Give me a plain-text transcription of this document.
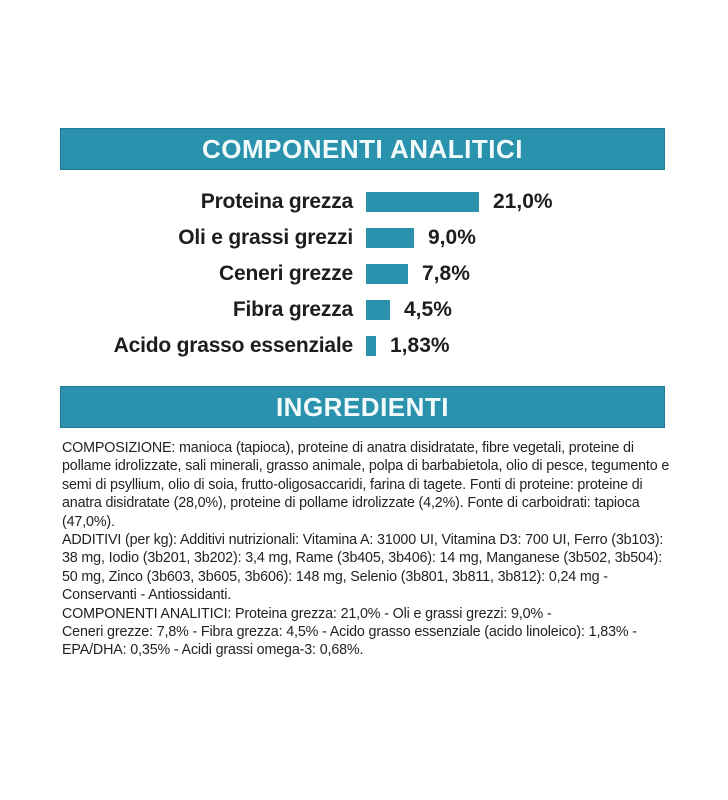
COMPONENTI ANALITICI
Proteina grezza	21,0%
Oli e grassi grezzi	9,0%
Ceneri grezze	7,8%
Fibra grezza 4,5%
Acido grasso essenziale 1,83%
INGREDIENTI

COMPOSIZIONE: manioca (tapioca), proteine di anatra disidratate, fibre vegetali, proteine di pollame idrolizzate, sali minerali, grasso animale, polpa di barbabietola, olio di pesce, tegumento e semi di psyllium, olio di soia, frutto-oligosaccaridi, farina di tagete. Fonti di proteine: proteine di anatra disidratate (28,0%), proteine di pollame idrolizzate (4,2%). Fonte di carboidrati: tapioca (47,0%).

ADDITIVI (per kg): Additivi nutrizionali: Vitamina A: 31000 UI, Vitamina D3: 700 UI, Ferro (3b103): 38 mg, Iodio (3b201, 3b202): 3,4 mg, Rame (3b405, 3b406): 14 mg, Manganese (3b502, 3b504): 50 mg, Zinco (3b603, 3b605, 3b606): 148 mg, Selenio (3b801, 3b811, 3b812): 0,24 mg - Conservanti - Antiossidanti.

COMPONENTI ANALITICI: Proteina grezza: 21,0% - Oli e grassi grezzi: 9,0% -
Ceneri grezze: 7,8% - Fibra grezza: 4,5% - Acido grasso essenziale (acido linoleico): 1,83% - EPA/DHA: 0,35% - Acidi grassi omega-3: 0,68%.
